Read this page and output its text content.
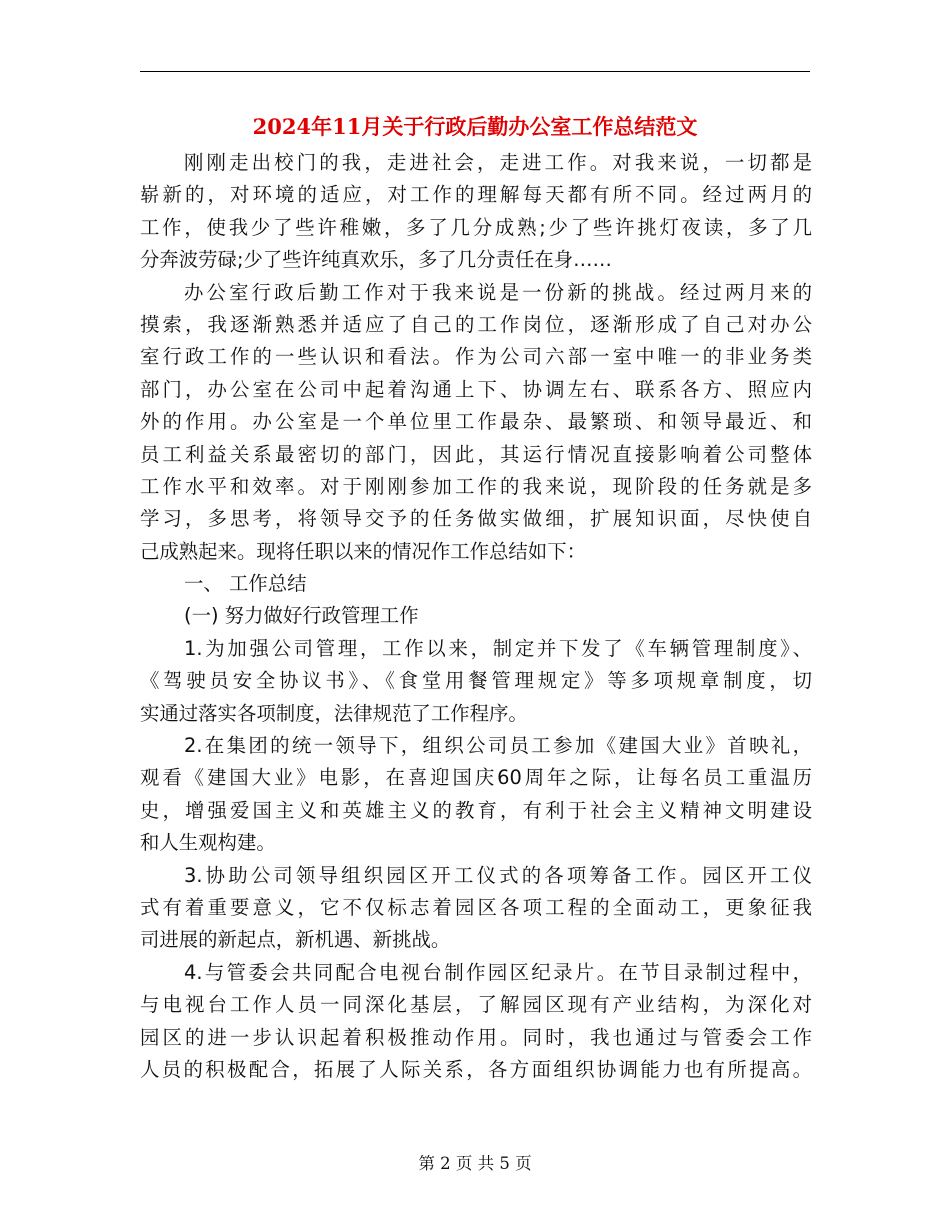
2024年11月关于行政后勤办公室工作总结范文
刚刚走出校门的我，走进社会，走进工作。对我来说，一切都是
崭新的，对环境的适应，对工作的理解每天都有所不同。经过两月的
工作，使我少了些许稚嫩，多了几分成熟;少了些许挑灯夜读，多了几
分奔波劳碌;少了些许纯真欢乐，多了几分责任在身……
办公室行政后勤工作对于我来说是一份新的挑战。经过两月来的
摸索，我逐渐熟悉并适应了自己的工作岗位，逐渐形成了自己对办公
室行政工作的一些认识和看法。作为公司六部一室中唯一的非业务类
部门，办公室在公司中起着沟通上下、协调左右、联系各方、照应内
外的作用。办公室是一个单位里工作最杂、最繁琐、和领导最近、和
员工利益关系最密切的部门，因此，其运行情况直接影响着公司整体
工作水平和效率。对于刚刚参加工作的我来说，现阶段的任务就是多
学习，多思考，将领导交予的任务做实做细，扩展知识面，尽快使自
己成熟起来。现将任职以来的情况作工作总结如下：
一、 工作总结
(一) 努力做好行政管理工作
1.为加强公司管理，工作以来，制定并下发了《车辆管理制度》、
《驾驶员安全协议书》、《食堂用餐管理规定》等多项规章制度，切
实通过落实各项制度，法律规范了工作程序。
2.在集团的统一领导下，组织公司员工参加《建国大业》首映礼，
观看《建国大业》电影，在喜迎国庆60周年之际，让每名员工重温历
史，增强爱国主义和英雄主义的教育，有利于社会主义精神文明建设
和人生观构建。
3.协助公司领导组织园区开工仪式的各项筹备工作。园区开工仪
式有着重要意义，它不仅标志着园区各项工程的全面动工，更象征我
司进展的新起点，新机遇、新挑战。
4.与管委会共同配合电视台制作园区纪录片。在节目录制过程中，
与电视台工作人员一同深化基层，了解园区现有产业结构，为深化对
园区的进一步认识起着积极推动作用。同时，我也通过与管委会工作
人员的积极配合，拓展了人际关系，各方面组织协调能力也有所提高。
第 2 页 共 5 页
